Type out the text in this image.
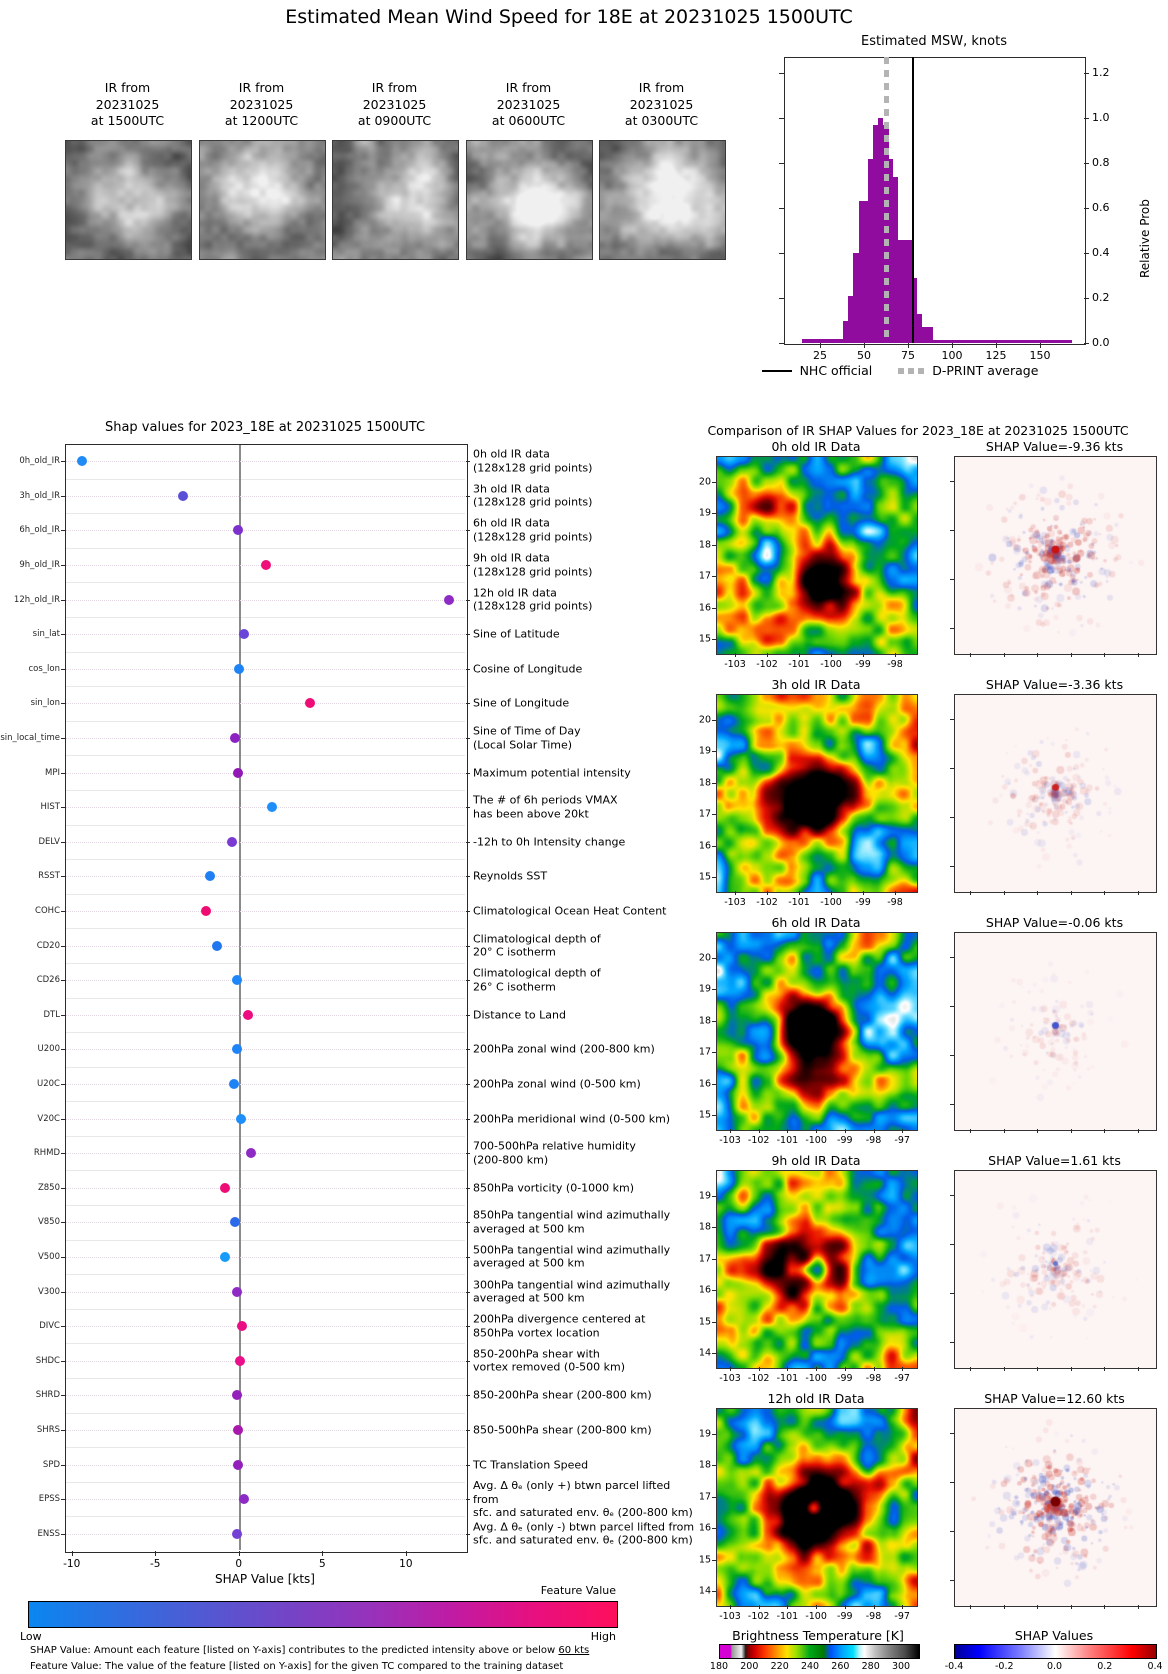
Estimated Mean Wind Speed for 18E at 20231025 1500UTC
IR from
20231025
at 1500UTC
IR from
20231025
at 1200UTC
IR from
20231025
at 0900UTC
IR from
20231025
at 0600UTC
IR from
20231025
at 0300UTC
Estimated MSW, knots
Relative Prob
NHC official	D-PRINT average
Shap values for 2023_18E at 20231025 1500UTC
SHAP Value [kts]
Feature Value
Low	High
SHAP Value: Amount each feature [listed on Y-axis] contributes to the predicted intensity above or below 60 kts
Feature Value: The value of the feature [listed on Y-axis] for the given TC compared to the training dataset
Comparison of IR SHAP Values for 2023_18E at 20231025 1500UTC
Brightness Temperature [K]	SHAP Values
25	50	75 100 125 150
0.0
0.2
0.4
0.6
0.8
1.0
1.2
0h_old_IR
0h old IR data
(128x128 grid points)
3h_old_IR
3h old IR data
(128x128 grid points)
6h_old_IR
6h old IR data
(128x128 grid points)
9h_old_IR
9h old IR data
(128x128 grid points)
12h_old_IR
12h old IR data
(128x128 grid points)
sin_lat	Sine of Latitude
cos_lon	Cosine of Longitude
sin_lon	Sine of Longitude
sin_local_time
Sine of Time of Day
(Local Solar Time)
MPI	Maximum potential intensity
HIST
The # of 6h periods VMAX
has been above 20kt
DELV	-12h to 0h Intensity change
RSST	Reynolds SST
COHC	Climatological Ocean Heat Content
CD20
Climatological depth of
20° C isotherm
CD26
Climatological depth of
26° C isotherm
DTL	Distance to Land
U200	200hPa zonal wind (200-800 km)
U20C	200hPa zonal wind (0-500 km)
V20C	200hPa meridional wind (0-500 km)
RHMD
700-500hPa relative humidity
(200-800 km)
Z850	850hPa vorticity (0-1000 km)
V850
850hPa tangential wind azimuthally
averaged at 500 km
V500
500hPa tangential wind azimuthally
averaged at 500 km
V300
300hPa tangential wind azimuthally
averaged at 500 km
DIVC
200hPa divergence centered at
850hPa vortex location
SHDC
850-200hPa shear with
vortex removed (0-500 km)
SHRD	850-200hPa shear (200-800 km)
SHRS	850-500hPa shear (200-800 km)
SPD	TC Translation Speed
EPSS
Avg. Δ θₑ (only +) btwn parcel lifted from
sfc. and saturated env. θₑ (200-800 km)
ENSS
Avg. Δ θₑ (only -) btwn parcel lifted from
sfc. and saturated env. θₑ (200-800 km)
-10	-5	0	5	10
0h old IR Data	SHAP Value=-9.36 kts
20
19
18
17
16
15
-103 -102 -101 -100 -99 -98
3h old IR Data	SHAP Value=-3.36 kts
20
19
18
17
16
15
-103 -102 -101 -100 -99 -98
6h old IR Data	SHAP Value=-0.06 kts
20
19
18
17
16
15
-103 -102 -101 -100 -99 -98 -97
9h old IR Data	SHAP Value=1.61 kts
19
18
17
16
15
14
-103 -102 -101 -100 -99 -98 -97
12h old IR Data	SHAP Value=12.60 kts
19
18
17
16
15
14
-103 -102 -101 -100 -99 -98 -97
180 200 220 240 260 280 300	-0.4	-0.2	0.0	0.2	0.4
